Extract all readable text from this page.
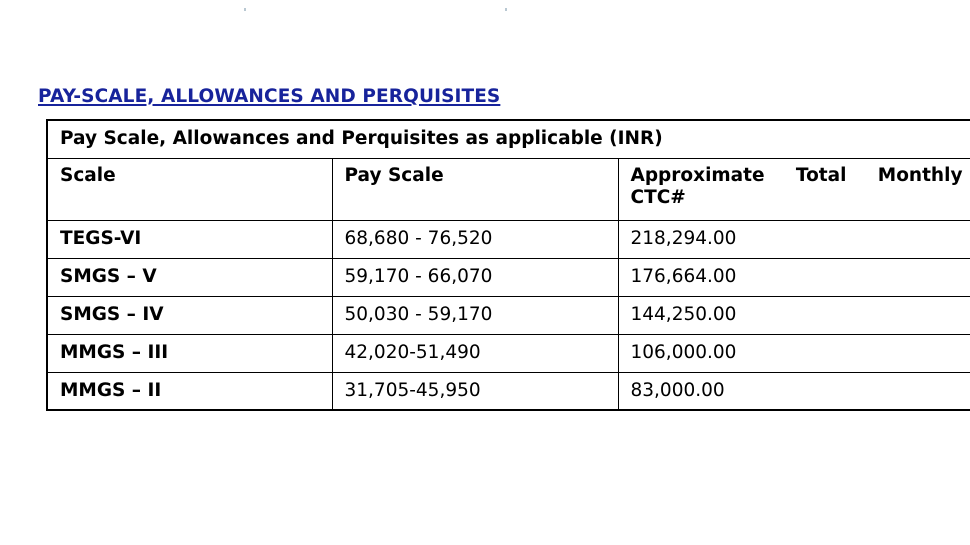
PAY-SCALE, ALLOWANCES AND PERQUISITES
Pay Scale, Allowances and Perquisites as applicable (INR)		
Scale	Pay Scale	Approximate Total Monthly
CTC#

TEGS-VI	68,680 - 76,520	218,294.00
SMGS – V	59,170 - 66,070	176,664.00
SMGS – IV	50,030 - 59,170	144,250.00
MMGS – III	42,020-51,490	106,000.00
MMGS – II	31,705-45,950	83,000.00
